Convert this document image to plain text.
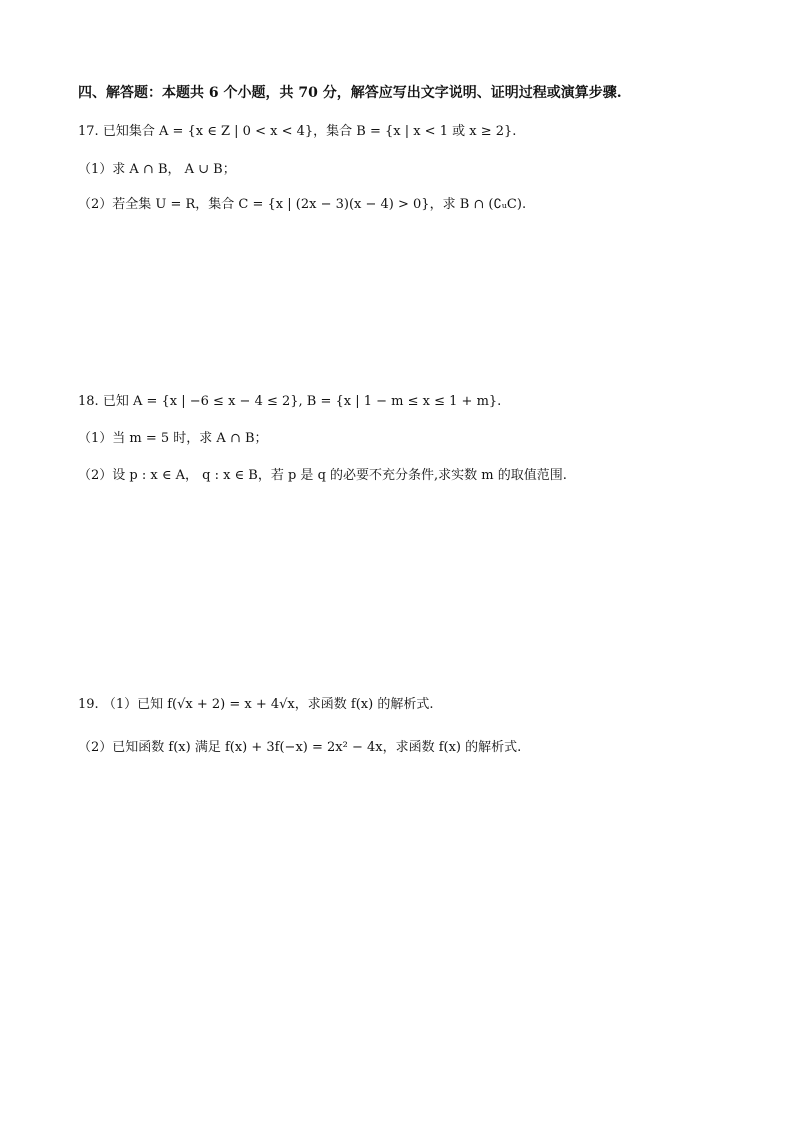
四、解答题：本题共 6 个小题，共 70 分，解答应写出文字说明、证明过程或演算步骤.
17. 已知集合 A = {x ∈ Z | 0 < x < 4}，集合 B = {x | x < 1 或 x ≥ 2}.
（1）求 A ∩ B， A ∪ B；
（2）若全集 U = R，集合 C = {x | (2x − 3)(x − 4) > 0}，求 B ∩ (∁ᵤC).
18. 已知 A = {x | −6 ≤ x − 4 ≤ 2}, B = {x | 1 − m ≤ x ≤ 1 + m}.
（1）当 m = 5 时，求 A ∩ B；
（2）设 p : x ∈ A， q : x ∈ B，若 p 是 q 的必要不充分条件,求实数 m 的取值范围.
19. （1）已知 f(√x + 2) = x + 4√x，求函数 f(x) 的解析式.
（2）已知函数 f(x) 满足 f(x) + 3f(−x) = 2x² − 4x，求函数 f(x) 的解析式.
